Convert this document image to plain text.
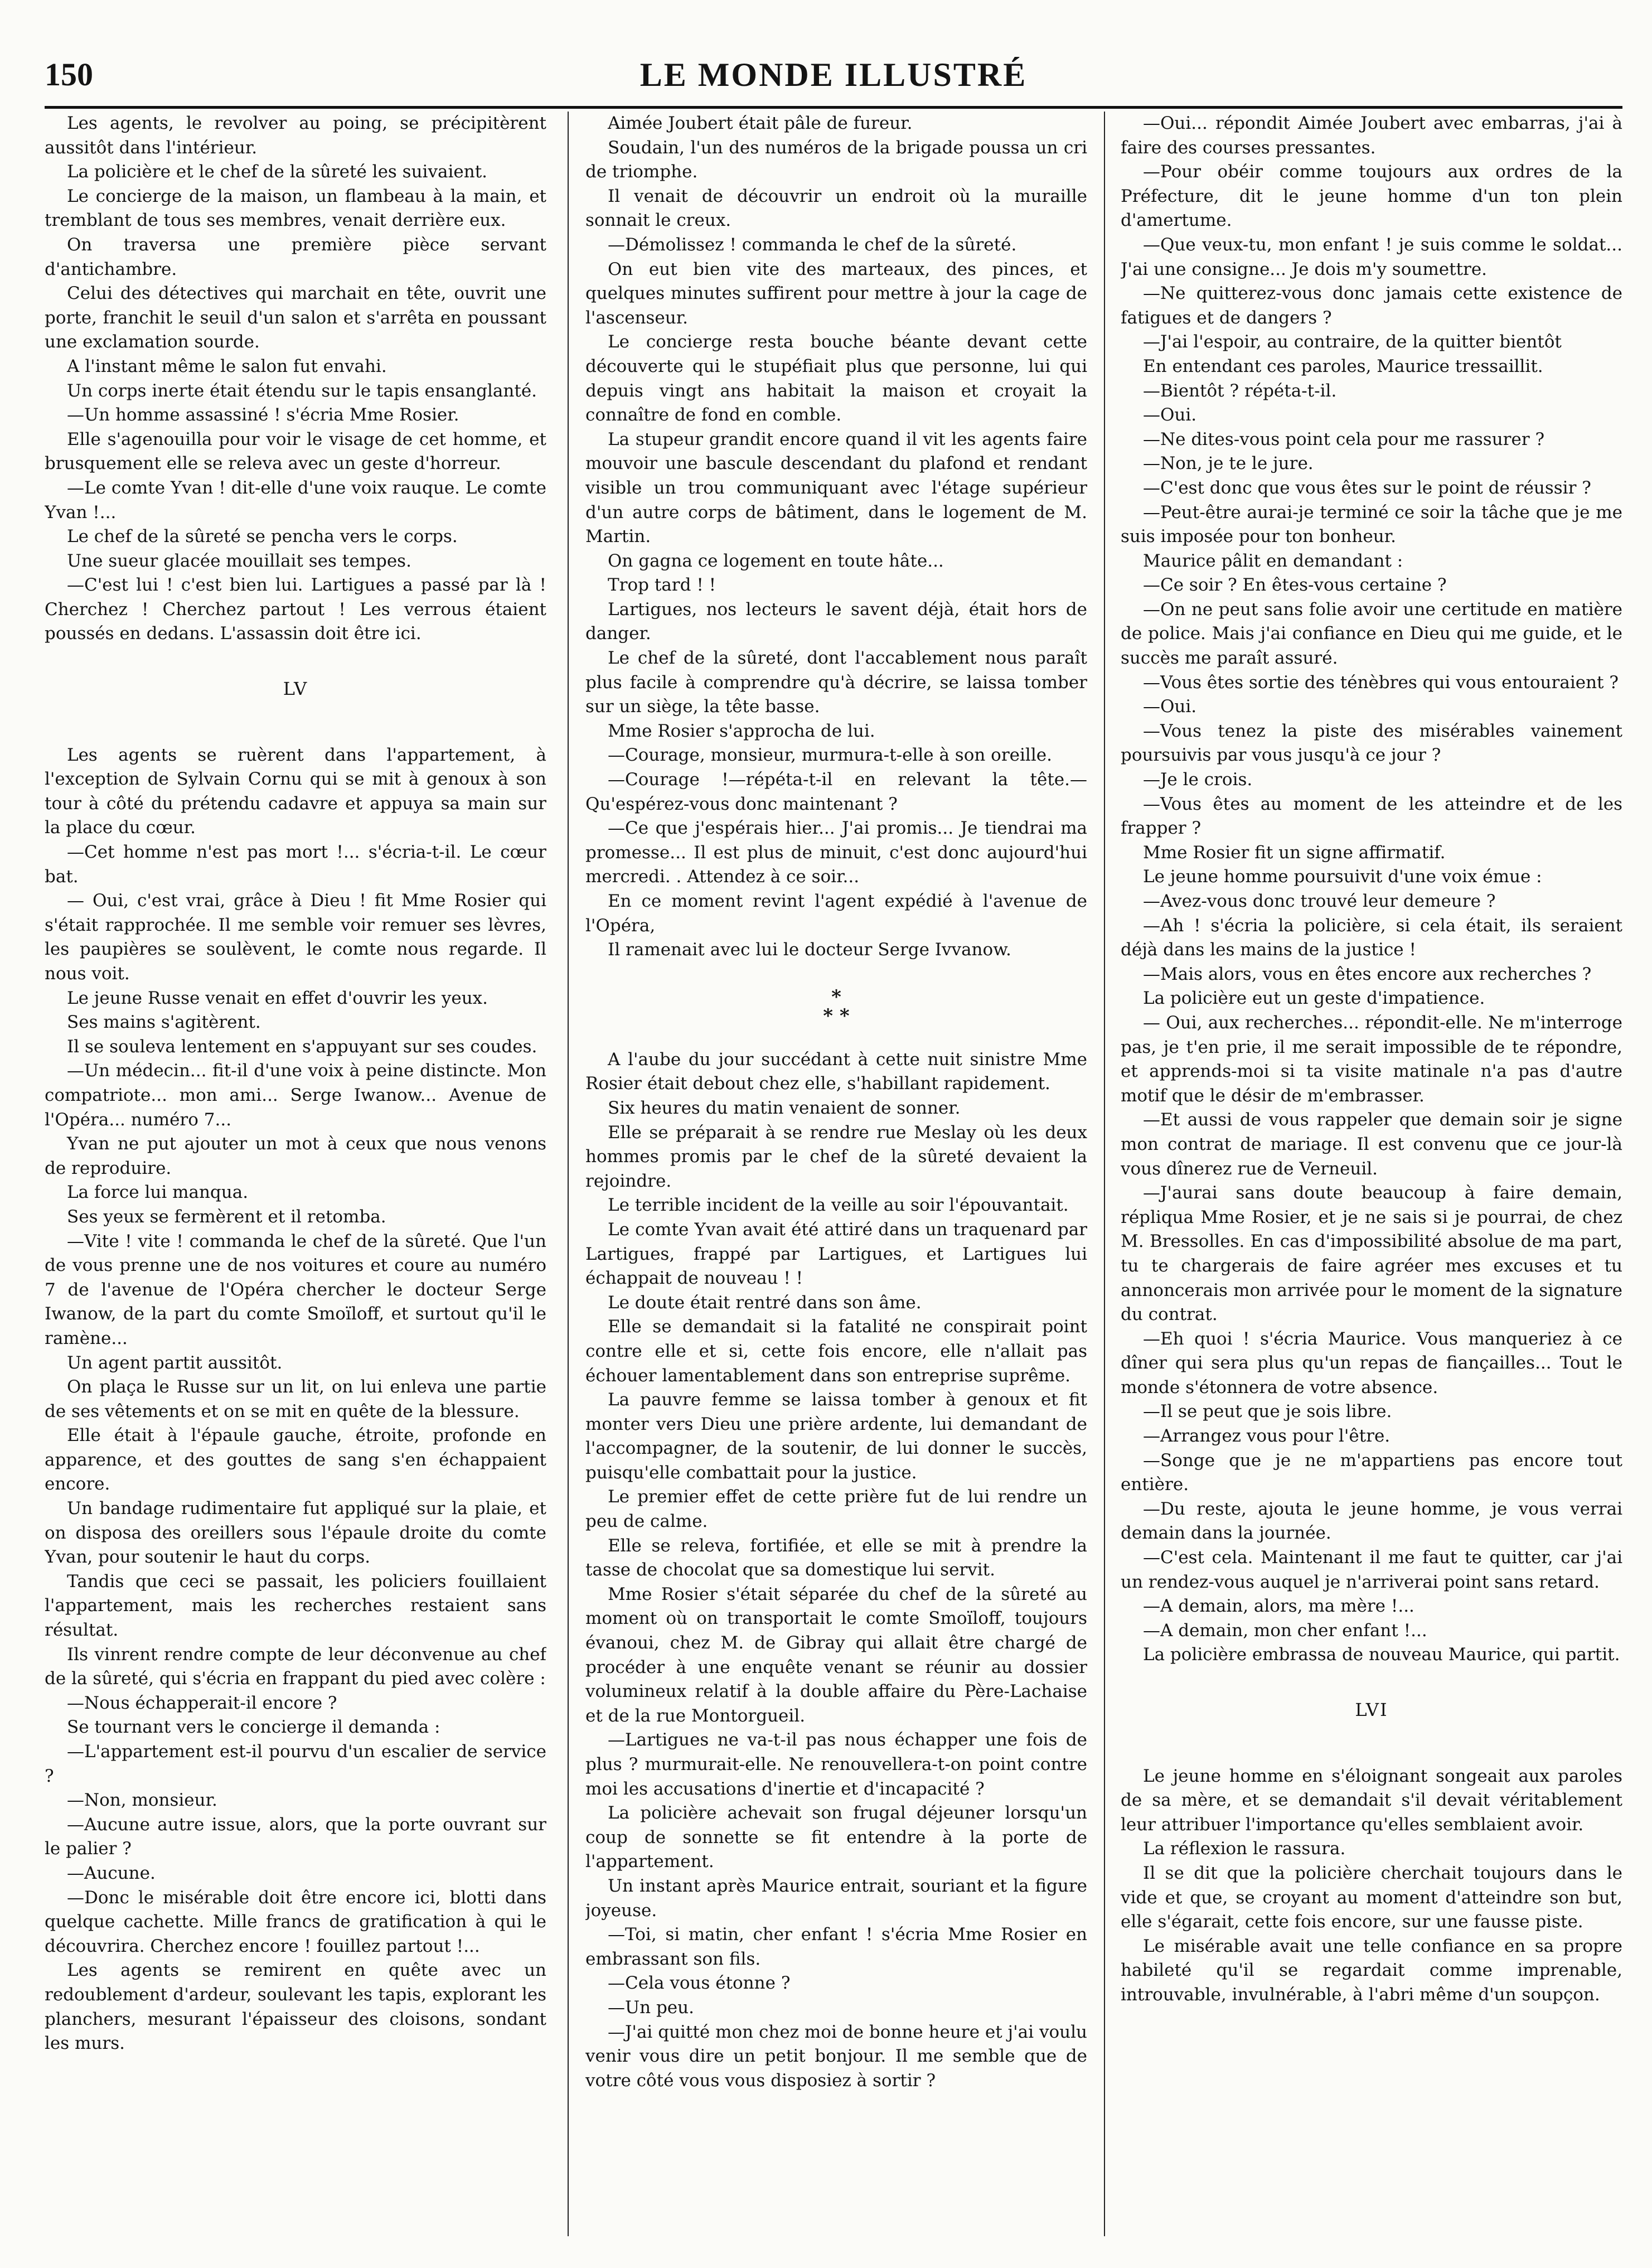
150	LE MONDE ILLUSTRÉ

Les agents, le revolver au poing, se précipitèrent aussitôt dans l'intérieur.

La policière et le chef de la sûreté les suivaient.

Le concierge de la maison, un flambeau à la main, et tremblant de tous ses membres, venait derrière eux.

On traversa une première pièce servant d'antichambre.

Celui des détectives qui marchait en tête, ouvrit une porte, franchit le seuil d'un salon et s'arrêta en poussant une exclamation sourde.

A l'instant même le salon fut envahi.

Un corps inerte était étendu sur le tapis ensanglanté.

—Un homme assassiné ! s'écria Mme Rosier.

Elle s'agenouilla pour voir le visage de cet homme, et brusquement elle se releva avec un geste d'horreur.

—Le comte Yvan ! dit-elle d'une voix rauque. Le comte Yvan !...

Le chef de la sûreté se pencha vers le corps.

Une sueur glacée mouillait ses tempes.

—C'est lui ! c'est bien lui. Lartigues a passé par là ! Cherchez ! Cherchez partout ! Les verrous étaient poussés en dedans. L'assassin doit être ici.

LV

Les agents se ruèrent dans l'appartement, à l'exception de Sylvain Cornu qui se mit à genoux à son tour à côté du prétendu cadavre et appuya sa main sur la place du cœur.

—Cet homme n'est pas mort !... s'écria-t-il. Le cœur bat.

— Oui, c'est vrai, grâce à Dieu ! fit Mme Rosier qui s'était rapprochée. Il me semble voir remuer ses lèvres, les paupières se soulèvent, le comte nous regarde. Il nous voit.

Le jeune Russe venait en effet d'ouvrir les yeux.

Ses mains s'agitèrent.

Il se souleva lentement en s'appuyant sur ses coudes.

—Un médecin... fit-il d'une voix à peine distincte. Mon compatriote... mon ami... Serge Iwanow... Avenue de l'Opéra... numéro 7...

Yvan ne put ajouter un mot à ceux que nous venons de reproduire.

La force lui manqua.

Ses yeux se fermèrent et il retomba.

—Vite ! vite ! commanda le chef de la sûreté. Que l'un de vous prenne une de nos voitures et coure au numéro 7 de l'avenue de l'Opéra chercher le docteur Serge Iwanow, de la part du comte Smoïloff, et surtout qu'il le ramène...

Un agent partit aussitôt.

On plaça le Russe sur un lit, on lui enleva une partie de ses vêtements et on se mit en quête de la blessure.

Elle était à l'épaule gauche, étroite, profonde en apparence, et des gouttes de sang s'en échappaient encore.

Un bandage rudimentaire fut appliqué sur la plaie, et on disposa des oreillers sous l'épaule droite du comte Yvan, pour soutenir le haut du corps.

Tandis que ceci se passait, les policiers fouillaient l'appartement, mais les recherches restaient sans résultat.

Ils vinrent rendre compte de leur déconvenue au chef de la sûreté, qui s'écria en frappant du pied avec colère :

—Nous échapperait-il encore ?

Se tournant vers le concierge il demanda :

—L'appartement est-il pourvu d'un escalier de service ?

—Non, monsieur.

—Aucune autre issue, alors, que la porte ouvrant sur le palier ?

—Aucune.

—Donc le misérable doit être encore ici, blotti dans quelque cachette. Mille francs de gratification à qui le découvrira. Cherchez encore ! fouillez partout !...

Les agents se remirent en quête avec un redoublement d'ardeur, soulevant les tapis, explorant les planchers, mesurant l'épaisseur des cloisons, sondant les murs.

Aimée Joubert était pâle de fureur.

Soudain, l'un des numéros de la brigade poussa un cri de triomphe.

Il venait de découvrir un endroit où la muraille sonnait le creux.

—Démolissez ! commanda le chef de la sûreté.

On eut bien vite des marteaux, des pinces, et quelques minutes suffirent pour mettre à jour la cage de l'ascenseur.

Le concierge resta bouche béante devant cette découverte qui le stupéfiait plus que personne, lui qui depuis vingt ans habitait la maison et croyait la connaître de fond en comble.

La stupeur grandit encore quand il vit les agents faire mouvoir une bascule descendant du plafond et rendant visible un trou communiquant avec l'étage supérieur d'un autre corps de bâtiment, dans le logement de M. Martin.

On gagna ce logement en toute hâte...

Trop tard ! !

Lartigues, nos lecteurs le savent déjà, était hors de danger.

Le chef de la sûreté, dont l'accablement nous paraît plus facile à comprendre qu'à décrire, se laissa tomber sur un siège, la tête basse.

Mme Rosier s'approcha de lui.

—Courage, monsieur, murmura-t-elle à son oreille.

—Courage !—répéta-t-il en relevant la tête.—Qu'espérez-vous donc maintenant ?

—Ce que j'espérais hier... J'ai promis... Je tiendrai ma promesse... Il est plus de minuit, c'est donc aujourd'hui mercredi. . Attendez à ce soir...

En ce moment revint l'agent expédié à l'avenue de l'Opéra,

Il ramenait avec lui le docteur Serge Ivvanow.

*
* *

A l'aube du jour succédant à cette nuit sinistre Mme Rosier était debout chez elle, s'habillant rapidement.

Six heures du matin venaient de sonner.

Elle se préparait à se rendre rue Meslay où les deux hommes promis par le chef de la sûreté devaient la rejoindre.

Le terrible incident de la veille au soir l'épouvantait.

Le comte Yvan avait été attiré dans un traquenard par Lartigues, frappé par Lartigues, et Lartigues lui échappait de nouveau ! !

Le doute était rentré dans son âme.

Elle se demandait si la fatalité ne conspirait point contre elle et si, cette fois encore, elle n'allait pas échouer lamentablement dans son entreprise suprême.

La pauvre femme se laissa tomber à genoux et fit monter vers Dieu une prière ardente, lui demandant de l'accompagner, de la soutenir, de lui donner le succès, puisqu'elle combattait pour la justice.

Le premier effet de cette prière fut de lui rendre un peu de calme.

Elle se releva, fortifiée, et elle se mit à prendre la tasse de chocolat que sa domestique lui servit.

Mme Rosier s'était séparée du chef de la sûreté au moment où on transportait le comte Smoïloff, toujours évanoui, chez M. de Gibray qui allait être chargé de procéder à une enquête venant se réunir au dossier volumineux relatif à la double affaire du Père-Lachaise et de la rue Montorgueil.

—Lartigues ne va-t-il pas nous échapper une fois de plus ? murmurait-elle. Ne renouvellera-t-on point contre moi les accusations d'inertie et d'incapacité ?

La policière achevait son frugal déjeuner lorsqu'un coup de sonnette se fit entendre à la porte de l'appartement.

Un instant après Maurice entrait, souriant et la figure joyeuse.

—Toi, si matin, cher enfant ! s'écria Mme Rosier en embrassant son fils.

—Cela vous étonne ?

—Un peu.

—J'ai quitté mon chez moi de bonne heure et j'ai voulu venir vous dire un petit bonjour. Il me semble que de votre côté vous vous disposiez à sortir ?

—Oui... répondit Aimée Joubert avec embarras, j'ai à faire des courses pressantes.

—Pour obéir comme toujours aux ordres de la Préfecture, dit le jeune homme d'un ton plein d'amertume.

—Que veux-tu, mon enfant ! je suis comme le soldat... J'ai une consigne... Je dois m'y soumettre.

—Ne quitterez-vous donc jamais cette existence de fatigues et de dangers ?

—J'ai l'espoir, au contraire, de la quitter bientôt

En entendant ces paroles, Maurice tressaillit.

—Bientôt ? répéta-t-il.

—Oui.

—Ne dites-vous point cela pour me rassurer ?

—Non, je te le jure.

—C'est donc que vous êtes sur le point de réussir ?

—Peut-être aurai-je terminé ce soir la tâche que je me suis imposée pour ton bonheur.

Maurice pâlit en demandant :

—Ce soir ? En êtes-vous certaine ?

—On ne peut sans folie avoir une certitude en matière de police. Mais j'ai confiance en Dieu qui me guide, et le succès me paraît assuré.

—Vous êtes sortie des ténèbres qui vous entouraient ?

—Oui.

—Vous tenez la piste des misérables vainement poursuivis par vous jusqu'à ce jour ?

—Je le crois.

—Vous êtes au moment de les atteindre et de les frapper ?

Mme Rosier fit un signe affirmatif.

Le jeune homme poursuivit d'une voix émue :

—Avez-vous donc trouvé leur demeure ?

—Ah ! s'écria la policière, si cela était, ils seraient déjà dans les mains de la justice !

—Mais alors, vous en êtes encore aux recherches ?

La policière eut un geste d'impatience.

— Oui, aux recherches... répondit-elle. Ne m'interroge pas, je t'en prie, il me serait impossible de te répondre, et apprends-moi si ta visite matinale n'a pas d'autre motif que le désir de m'embrasser.

—Et aussi de vous rappeler que demain soir je signe mon contrat de mariage. Il est convenu que ce jour-là vous dînerez rue de Verneuil.

—J'aurai sans doute beaucoup à faire demain, répliqua Mme Rosier, et je ne sais si je pourrai, de chez M. Bressolles. En cas d'impossibilité absolue de ma part, tu te chargerais de faire agréer mes excuses et tu annoncerais mon arrivée pour le moment de la signature du contrat.

—Eh quoi ! s'écria Maurice. Vous manqueriez à ce dîner qui sera plus qu'un repas de fiançailles... Tout le monde s'étonnera de votre absence.

—Il se peut que je sois libre.

—Arrangez vous pour l'être.

—Songe que je ne m'appartiens pas encore tout entière.

—Du reste, ajouta le jeune homme, je vous verrai demain dans la journée.

—C'est cela. Maintenant il me faut te quitter, car j'ai un rendez-vous auquel je n'arriverai point sans retard.

—A demain, alors, ma mère !...

—A demain, mon cher enfant !...

La policière embrassa de nouveau Maurice, qui partit.

LVI

Le jeune homme en s'éloignant songeait aux paroles de sa mère, et se demandait s'il devait véritablement leur attribuer l'importance qu'elles semblaient avoir.

La réflexion le rassura.

Il se dit que la policière cherchait toujours dans le vide et que, se croyant au moment d'atteindre son but, elle s'égarait, cette fois encore, sur une fausse piste.

Le misérable avait une telle confiance en sa propre habileté qu'il se regardait comme imprenable, introuvable, invulnérable, à l'abri même d'un soupçon.
